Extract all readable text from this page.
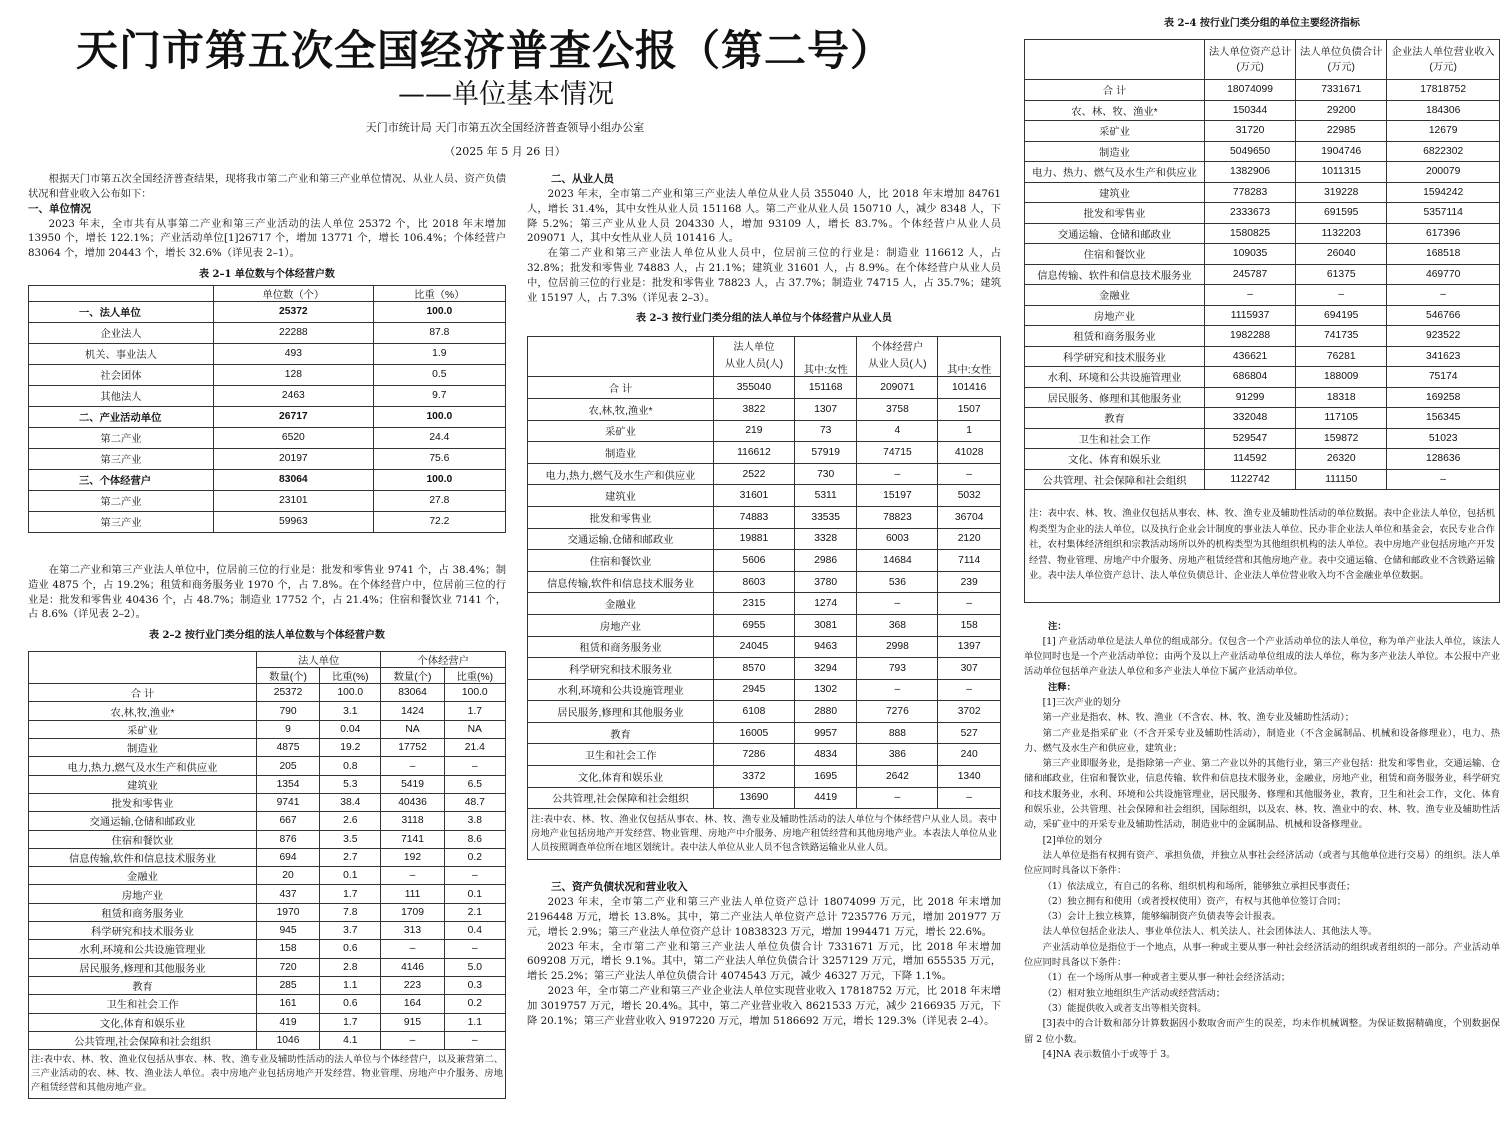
天门市第五次全国经济普查公报（第二号）
——单位基本情况
天门市统计局 天门市第五次全国经济普查领导小组办公室
（2025 年 5 月 26 日）

根据天门市第五次全国经济普查结果，现将我市第二产业和第三产业单位情况、从业人员、资产负债状况和营业收入公布如下：

一、单位情况

2023 年末，全市共有从事第二产业和第三产业活动的法人单位 25372 个，比 2018 年末增加 13950 个，增长 122.1%；产业活动单位[1]26717 个，增加 13771 个，增长 106.4%；个体经营户 83064 个，增加 20443 个，增长 32.6%（详见表 2–1）。

表 2–1 单位数与个体经营户数
	单位数（个）	比重（%）
一、法人单位	25372	100.0
企业法人	22288	87.8
机关、事业法人	493	1.9
社会团体	128	0.5
其他法人	2463	9.7
二、产业活动单位	26717	100.0
第二产业	6520	24.4
第三产业	20197	75.6
三、个体经营户	83064	100.0
第二产业	23101	27.8
第三产业	59963	72.2

在第二产业和第三产业法人单位中，位居前三位的行业是：批发和零售业 9741 个，占 38.4%；制造业 4875 个，占 19.2%；租赁和商务服务业 1970 个，占 7.8%。在个体经营户中，位居前三位的行业是：批发和零售业 40436 个，占 48.7%；制造业 17752 个，占 21.4%；住宿和餐饮业 7141 个，占 8.6%（详见表 2–2）。

表 2–2 按行业门类分组的法人单位数与个体经营户数
	法人单位		个体经营户	
	数量(个)	比重(%)	数量(个)	比重(%)
合 计	25372	100.0	83064	100.0
农,林,牧,渔业*	790	3.1	1424	1.7
采矿业	9	0.04	NA	NA
制造业	4875	19.2	17752	21.4
电力,热力,燃气及水生产和供应业	205	0.8	–	–
建筑业	1354	5.3	5419	6.5
批发和零售业	9741	38.4	40436	48.7
交通运输,仓储和邮政业	667	2.6	3118	3.8
住宿和餐饮业	876	3.5	7141	8.6
信息传输,软件和信息技术服务业	694	2.7	192	0.2
金融业	20	0.1	–	–
房地产业	437	1.7	111	0.1
租赁和商务服务业	1970	7.8	1709	2.1
科学研究和技术服务业	945	3.7	313	0.4
水利,环境和公共设施管理业	158	0.6	–	–
居民服务,修理和其他服务业	720	2.8	4146	5.0
教育	285	1.1	223	0.3
卫生和社会工作	161	0.6	164	0.2
文化,体育和娱乐业	419	1.7	915	1.1
公共管理,社会保障和社会组织	1046	4.1	–	–
注:表中农、林、牧、渔业仅包括从事农、林、牧、渔专业及辅助性活动的法人单位与个体经营户，以及兼营第二、三产业活动的农、林、牧、渔业法人单位。表中房地产业包括房地产开发经营、物业管理、房地产中介服务、房地产租赁经营和其他房地产业。
二、从业人员

2023 年末，全市第二产业和第三产业法人单位从业人员 355040 人，比 2018 年末增加 84761 人，增长 31.4%，其中女性从业人员 151168 人。第二产业从业人员 150710 人，减少 8348 人，下降 5.2%；第三产业从业人员 204330 人，增加 93109 人，增长 83.7%。个体经营户从业人员 209071 人，其中女性从业人员 101416 人。

在第二产业和第三产业法人单位从业人员中，位居前三位的行业是：制造业 116612 人，占 32.8%；批发和零售业 74883 人，占 21.1%；建筑业 31601 人，占 8.9%。在个体经营户从业人员中，位居前三位的行业是：批发和零售业 78823 人，占 37.7%；制造业 74715 人，占 35.7%；建筑业 15197 人，占 7.3%（详见表 2–3）。

表 2–3 按行业门类分组的法人单位与个体经营户从业人员
	法人单位
从业人员(人)	其中:女性	个体经营户
从业人员(人)	其中:女性

合 计	355040	151168	209071	101416
农,林,牧,渔业*	3822	1307	3758	1507
采矿业	219	73	4	1
制造业	116612	57919	74715	41028
电力,热力,燃气及水生产和供应业	2522	730	–	–
建筑业	31601	5311	15197	5032
批发和零售业	74883	33535	78823	36704
交通运输,仓储和邮政业	19881	3328	6003	2120
住宿和餐饮业	5606	2986	14684	7114
信息传输,软件和信息技术服务业	8603	3780	536	239
金融业	2315	1274	–	–
房地产业	6955	3081	368	158
租赁和商务服务业	24045	9463	2998	1397
科学研究和技术服务业	8570	3294	793	307
水利,环境和公共设施管理业	2945	1302	–	–
居民服务,修理和其他服务业	6108	2880	7276	3702
教育	16005	9957	888	527
卫生和社会工作	7286	4834	386	240
文化,体育和娱乐业	3372	1695	2642	1340
公共管理,社会保障和社会组织	13690	4419	–	–
注:表中农、林、牧、渔业仅包括从事农、林、牧、渔专业及辅助性活动的法人单位与个体经营户从业人员。表中房地产业包括房地产开发经营、物业管理、房地产中介服务、房地产租赁经营和其他房地产业。本表法人单位从业人员按照调查单位所在地区划统计。表中法人单位从业人员不包含铁路运输业从业人员。
三、资产负债状况和营业收入

2023 年末，全市第二产业和第三产业法人单位资产总计 18074099 万元，比 2018 年末增加 2196448 万元，增长 13.8%。其中，第二产业法人单位资产总计 7235776 万元，增加 201977 万元，增长 2.9%；第三产业法人单位资产总计 10838323 万元，增加 1994471 万元，增长 22.6%。

2023 年末，全市第二产业和第三产业法人单位负债合计 7331671 万元，比 2018 年末增加 609208 万元，增长 9.1%。其中，第二产业法人单位负债合计 3257129 万元，增加 655535 万元，增长 25.2%；第三产业法人单位负债合计 4074543 万元，减少 46327 万元，下降 1.1%。

2023 年，全市第二产业和第三产业企业法人单位实现营业收入 17818752 万元，比 2018 年末增加 3019757 万元，增长 20.4%。其中，第二产业营业收入 8621533 万元，减少 2166935 万元，下降 20.1%；第三产业营业收入 9197220 万元，增加 5186692 万元，增长 129.3%（详见表 2–4）。

表 2–4 按行业门类分组的单位主要经济指标
	法人单位资产总计
(万元)	法人单位负债合计
(万元)	企业法人单位营业收入
(万元)
合 计	18074099	7331671	17818752
农、林、牧、渔业*	150344	29200	184306
采矿业	31720	22985	12679
制造业	5049650	1904746	6822302
电力、热力、燃气及水生产和供应业	1382906	1011315	200079
建筑业	778283	319228	1594242
批发和零售业	2333673	691595	5357114
交通运输、仓储和邮政业	1580825	1132203	617396
住宿和餐饮业	109035	26040	168518
信息传输、软件和信息技术服务业	245787	61375	469770
金融业	–	–	–
房地产业	1115937	694195	546766
租赁和商务服务业	1982288	741735	923522
科学研究和技术服务业	436621	76281	341623
水利、环境和公共设施管理业	686804	188009	75174
居民服务、修理和其他服务业	91299	18318	169258
教育	332048	117105	156345
卫生和社会工作	529547	159872	51023
文化、体育和娱乐业	114592	26320	128636
公共管理、社会保障和社会组织	1122742	111150	–
注：表中农、林、牧、渔业仅包括从事农、林、牧、渔专业及辅助性活动的单位数据。表中企业法人单位，包括机构类型为企业的法人单位，以及执行企业会计制度的事业法人单位、民办非企业法人单位和基金会，农民专业合作社，农村集体经济组织和宗教活动场所以外的机构类型为其他组织机构的法人单位。表中房地产业包括房地产开发经营、物业管理、房地产中介服务、房地产租赁经营和其他房地产业。表中交通运输、仓储和邮政业不含铁路运输业。表中法人单位资产总计、法人单位负债总计、企业法人单位营业收入均不含金融业单位数据。
注：
[1] 产业活动单位是法人单位的组成部分。仅包含一个产业活动单位的法人单位，称为单产业法人单位，该法人单位同时也是一个产业活动单位；由两个及以上产业活动单位组成的法人单位，称为多产业法人单位。本公报中产业活动单位包括单产业法人单位和多产业法人单位下属产业活动单位。
注释：
[1]三次产业的划分
第一产业是指农、林、牧、渔业（不含农、林、牧、渔专业及辅助性活动）；
第二产业是指采矿业（不含开采专业及辅助性活动），制造业（不含金属制品、机械和设备修理业），电力、热力、燃气及水生产和供应业，建筑业；
第三产业即服务业，是指除第一产业、第二产业以外的其他行业，第三产业包括：批发和零售业，交通运输、仓储和邮政业，住宿和餐饮业，信息传输、软件和信息技术服务业，金融业，房地产业，租赁和商务服务业，科学研究和技术服务业，水利、环境和公共设施管理业，居民服务、修理和其他服务业，教育，卫生和社会工作，文化、体育和娱乐业，公共管理、社会保障和社会组织，国际组织，以及农、林、牧、渔业中的农、林、牧、渔专业及辅助性活动，采矿业中的开采专业及辅助性活动，制造业中的金属制品、机械和设备修理业。
[2]单位的划分
法人单位是指有权拥有资产、承担负债，并独立从事社会经济活动（或者与其他单位进行交易）的组织。法人单位应同时具备以下条件：
（1）依法成立，有自己的名称、组织机构和场所，能够独立承担民事责任；
（2）独立拥有和使用（或者授权使用）资产，有权与其他单位签订合同；
（3）会计上独立核算，能够编制资产负债表等会计报表。
法人单位包括企业法人、事业单位法人、机关法人、社会团体法人、其他法人等。
产业活动单位是指位于一个地点，从事一种或主要从事一种社会经济活动的组织或者组织的一部分。产业活动单位应同时具备以下条件：
（1）在一个场所从事一种或者主要从事一种社会经济活动；
（2）相对独立地组织生产活动或经营活动；
（3）能提供收入或者支出等相关资料。
[3]表中的合计数和部分计算数据因小数取舍而产生的误差，均未作机械调整。为保证数据精确度，个别数据保留 2 位小数。
[4]NA 表示数值小于或等于 3。
